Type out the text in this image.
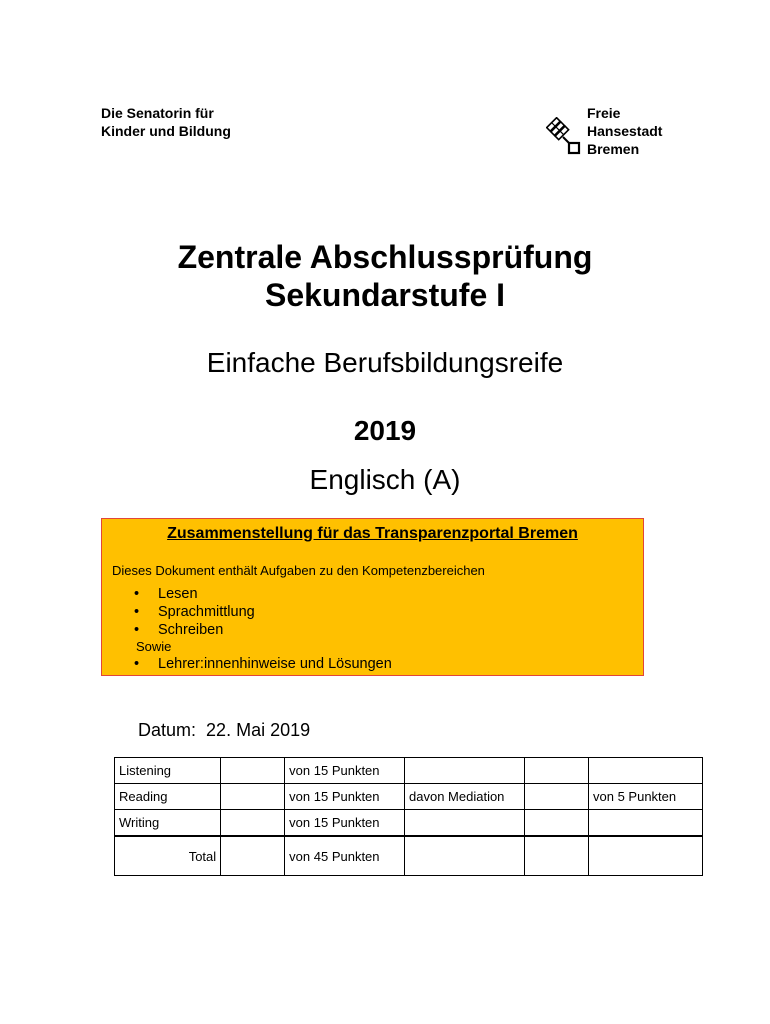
Die Senatorin für
Kinder und Bildung
Freie
Hansestadt
Bremen
Zentrale Abschlussprüfung
Sekundarstufe I
Einfache Berufsbildungsreife
2019
Englisch (A)
Zusammenstellung für das Transparenzportal Bremen
Dieses Dokument enthält Aufgaben zu den Kompetenzbereichen
• Lesen
• Sprachmittlung
• Schreiben
Sowie
• Lehrer:innenhinweise und Lösungen
Datum: 22. Mai 2019
Listening		von 15 Punkten			
Reading		von 15 Punkten	davon Mediation		von 5 Punkten
Writing		von 15 Punkten			
Total		von 45 Punkten			
